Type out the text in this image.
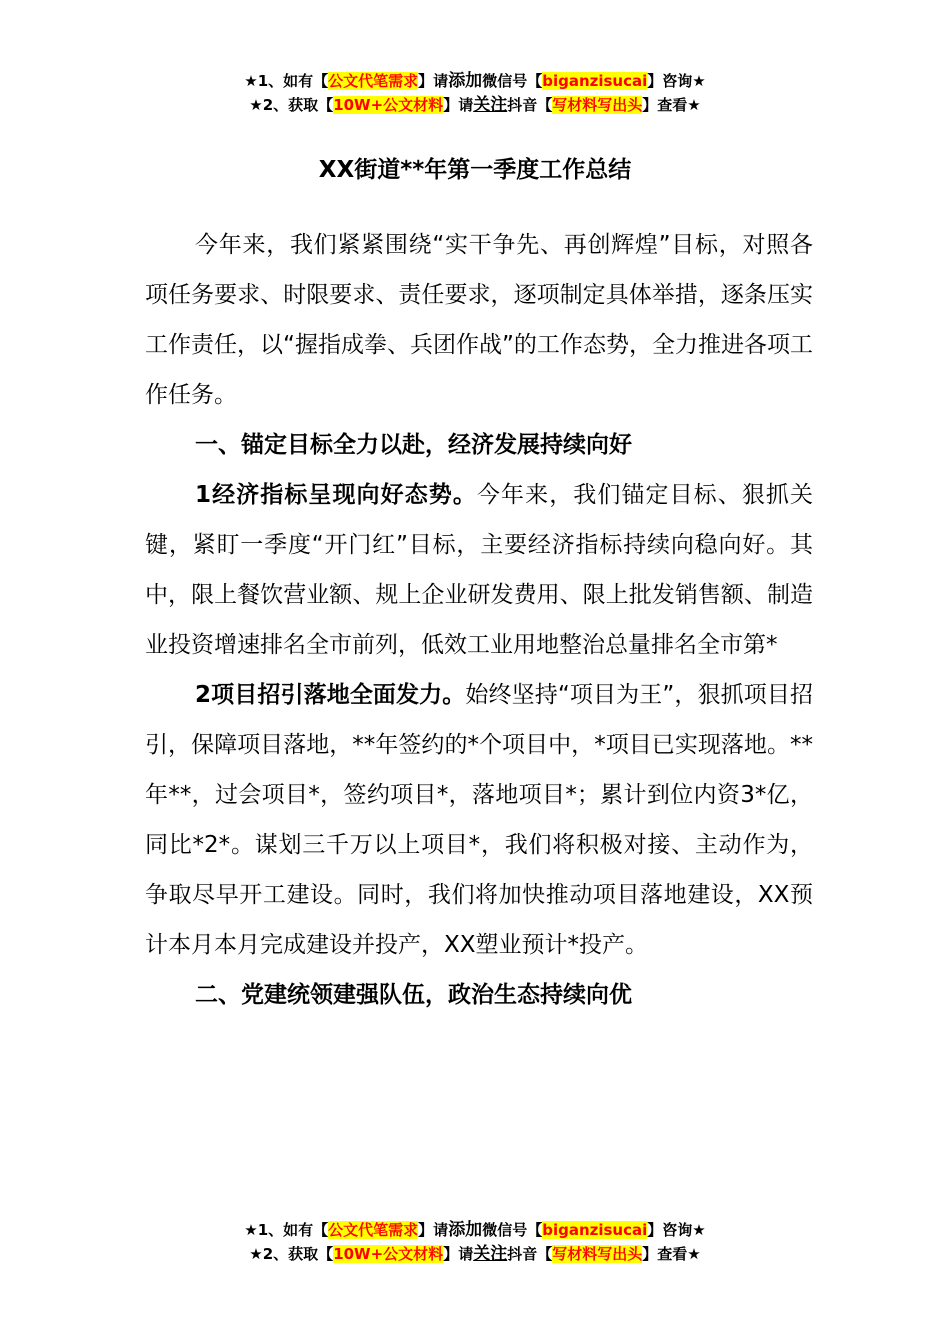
★1、如有【公文代笔需求】请添加微信号【biganzisucai】咨询★
★2、获取【10W+公文材料】请关注抖音【写材料写出头】查看★
XX街道**年第一季度工作总结

今年来，我们紧紧围绕“实干争先、再创辉煌”目标，对照各项任务要求、时限要求、责任要求，逐项制定具体举措，逐条压实工作责任，以“握指成拳、兵团作战”的工作态势，全力推进各项工作任务。

一、锚定目标全力以赴，经济发展持续向好

1经济指标呈现向好态势。今年来，我们锚定目标、狠抓关键，紧盯一季度“开门红”目标，主要经济指标持续向稳向好。其中，限上餐饮营业额、规上企业研发费用、限上批发销售额、制造业投资增速排名全市前列，低效工业用地整治总量排名全市第*

2项目招引落地全面发力。始终坚持“项目为王”，狠抓项目招引，保障项目落地，**年签约的*个项目中，*项目已实现落地。**年**，过会项目*，签约项目*，落地项目*；累计到位内资3*亿，同比*2*。谋划三千万以上项目*，我们将积极对接、主动作为，争取尽早开工建设。同时，我们将加快推动项目落地建设，XX预计本月本月完成建设并投产，XX塑业预计*投产。

二、党建统领建强队伍，政治生态持续向优

★1、如有【公文代笔需求】请添加微信号【biganzisucai】咨询★
★2、获取【10W+公文材料】请关注抖音【写材料写出头】查看★
